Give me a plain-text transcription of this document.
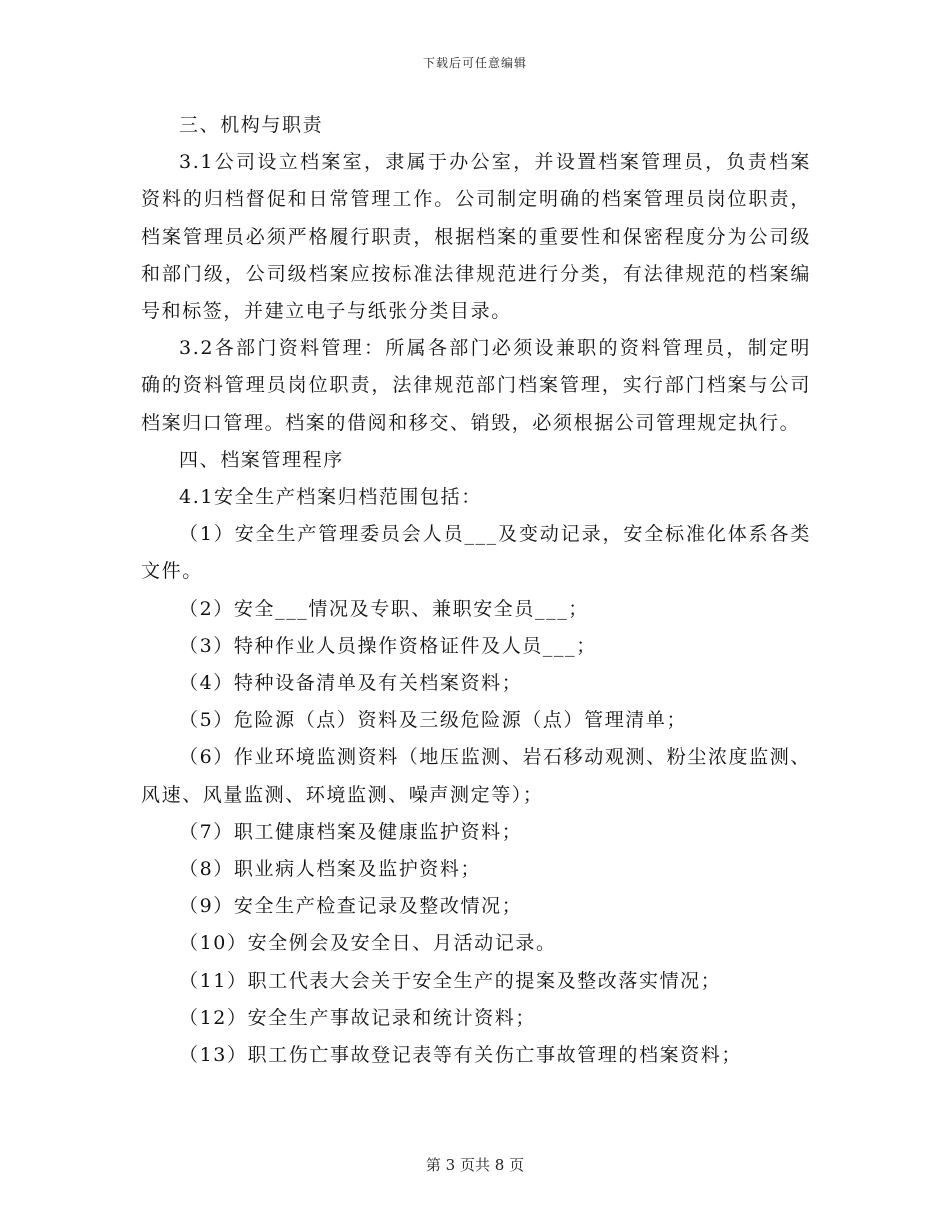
下载后可任意编辑

三、机构与职责

3.1公司设立档案室，隶属于办公室，并设置档案管理员，负责档案资料的归档督促和日常管理工作。公司制定明确的档案管理员岗位职责，档案管理员必须严格履行职责，根据档案的重要性和保密程度分为公司级和部门级，公司级档案应按标准法律规范进行分类，有法律规范的档案编号和标签，并建立电子与纸张分类目录。

3.2各部门资料管理：所属各部门必须设兼职的资料管理员，制定明确的资料管理员岗位职责，法律规范部门档案管理，实行部门档案与公司档案归口管理。档案的借阅和移交、销毁，必须根据公司管理规定执行。

四、档案管理程序

4.1安全生产档案归档范围包括：

（1）安全生产管理委员会人员___及变动记录，安全标准化体系各类文件。

（2）安全___情况及专职、兼职安全员___；

（3）特种作业人员操作资格证件及人员___；

（4）特种设备清单及有关档案资料；

（5）危险源（点）资料及三级危险源（点）管理清单；

（6）作业环境监测资料（地压监测、岩石移动观测、粉尘浓度监测、风速、风量监测、环境监测、噪声测定等）；

（7）职工健康档案及健康监护资料；

（8）职业病人档案及监护资料；

（9）安全生产检查记录及整改情况；

（10）安全例会及安全日、月活动记录。

（11）职工代表大会关于安全生产的提案及整改落实情况；

（12）安全生产事故记录和统计资料；

（13）职工伤亡事故登记表等有关伤亡事故管理的档案资料；

第 3 页共 8 页
